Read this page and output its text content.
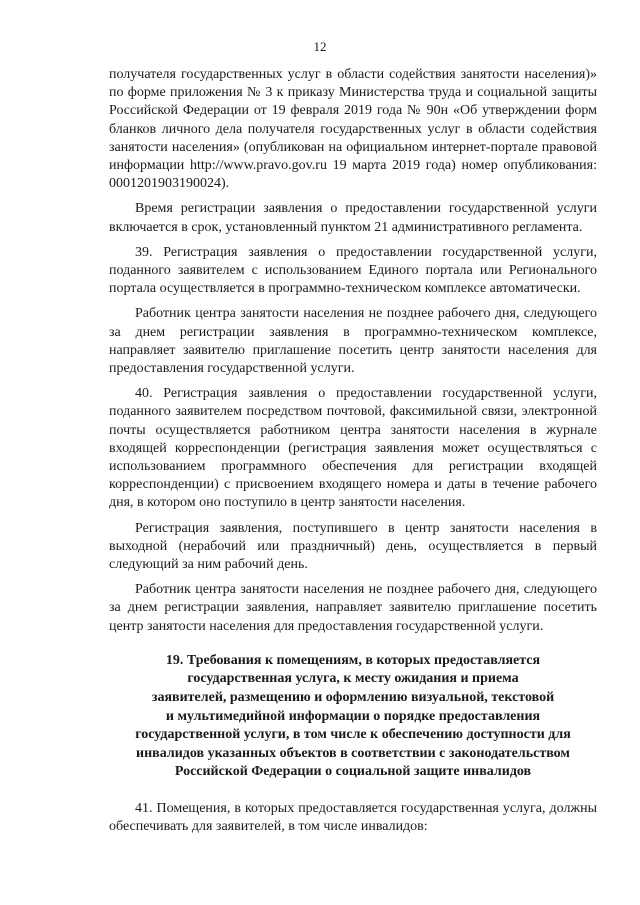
12

получателя государственных услуг в области содействия занятости населения)» по форме приложения № 3 к приказу Министерства труда и социальной защиты Российской Федерации от 19 февраля 2019 года № 90н «Об утверждении форм бланков личного дела получателя государственных услуг в области содействия занятости населения» (опубликован на официальном интернет-портале правовой информации http://www.pravo.gov.ru 19 марта 2019 года) номер опубликования: 0001201903190024).

Время регистрации заявления о предоставлении государственной услуги включается в срок, установленный пунктом 21 административного регламента.

39. Регистрация заявления о предоставлении государственной услуги, поданного заявителем с использованием Единого портала или Регионального портала осуществляется в программно-техническом комплексе автоматически.

Работник центра занятости населения не позднее рабочего дня, следующего за днем регистрации заявления в программно-техническом комплексе, направляет заявителю приглашение посетить центр занятости населения для предоставления государственной услуги.

40. Регистрация заявления о предоставлении государственной услуги, поданного заявителем посредством почтовой, факсимильной связи, электронной почты осуществляется работником центра занятости населения в журнале входящей корреспонденции (регистрация заявления может осуществляться с использованием программного обеспечения для регистрации входящей корреспонденции) с присвоением входящего номера и даты в течение рабочего дня, в котором оно поступило в центр занятости населения.

Регистрация заявления, поступившего в центр занятости населения в выходной (нерабочий или праздничный) день, осуществляется в первый следующий за ним рабочий день.

Работник центра занятости населения не позднее рабочего дня, следующего за днем регистрации заявления, направляет заявителю приглашение посетить центр занятости населения для предоставления государственной услуги.

19. Требования к помещениям, в которых предоставляется
государственная услуга, к месту ожидания и приема
заявителей, размещению и оформлению визуальной, текстовой
и мультимедийной информации о порядке предоставления
государственной услуги, в том числе к обеспечению доступности для
инвалидов указанных объектов в соответствии с законодательством
Российской Федерации о социальной защите инвалидов

41. Помещения, в которых предоставляется государственная услуга, должны обеспечивать для заявителей, в том числе инвалидов:
